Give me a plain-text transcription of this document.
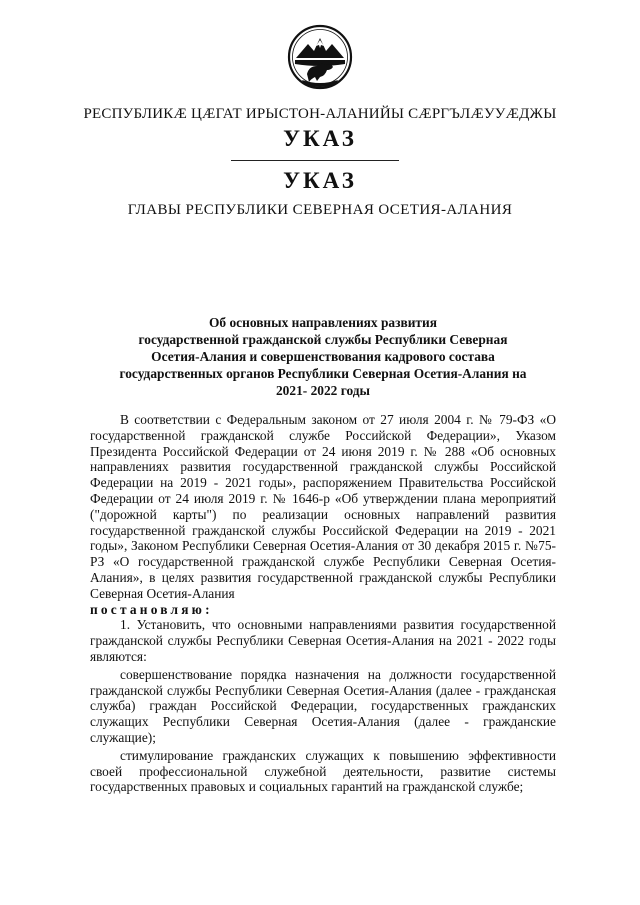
РЕСПУБЛИКӔ ЦӔГАТ ИРЫСТОН-АЛАНИЙЫ СӔРГЪЛӔУУӔДЖЫ
УКАЗ
УКАЗ
ГЛАВЫ РЕСПУБЛИКИ СЕВЕРНАЯ ОСЕТИЯ-АЛАНИЯ
Об основных направлениях развития
государственной гражданской службы Республики Северная
Осетия-Алания и совершенствования кадрового состава
государственных органов Республики Северная Осетия-Алания на
2021- 2022 годы

В соответствии с Федеральным законом от 27 июля 2004 г. № 79-ФЗ «О государственной гражданской службе Российской Федерации», Указом Президента Российской Федерации от 24 июня 2019 г. № 288 «Об основных направлениях развития государственной гражданской службы Российской Федерации на 2019 - 2021 годы», распоряжением Правительства Российской Федерации от 24 июля 2019 г. № 1646-р «Об утверждении плана мероприятий ("дорожной карты") по реализации основных направлений развития государственной гражданской службы Российской Федерации на 2019 - 2021 годы», Законом Республики Северная Осетия-Алания от 30 декабря 2015 г. №75-РЗ «О государственной гражданской службе Республики Северная Осетия-Алания», в целях развития государственной гражданской службы Республики Северная Осетия-Алания

постановляю:

1. Установить, что основными направлениями развития государственной гражданской службы Республики Северная Осетия-Алания на 2021 - 2022 годы являются:

совершенствование порядка назначения на должности государственной гражданской службы Республики Северная Осетия-Алания (далее - гражданская служба) граждан Российской Федерации, государственных гражданских служащих Республики Северная Осетия-Алания (далее - гражданские служащие);

стимулирование гражданских служащих к повышению эффективности своей профессиональной служебной деятельности, развитие системы государственных правовых и социальных гарантий на гражданской службе;
